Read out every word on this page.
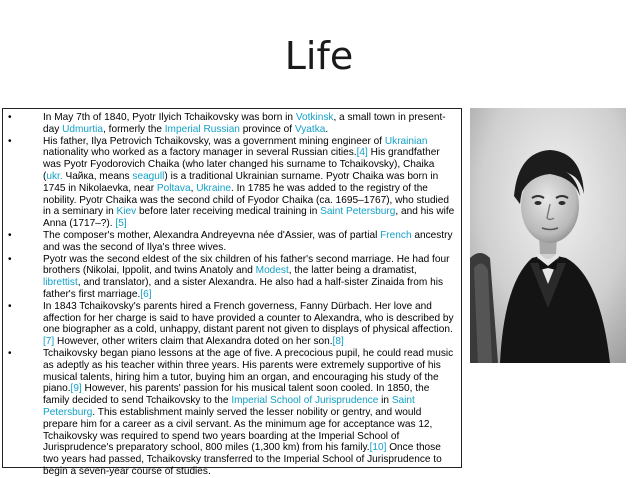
Life
• In May 7th of 1840, Pyotr Ilyich Tchaikovsky was born in Votkinsk, a small town in present-day Udmurtia, formerly the Imperial Russian province of Vyatka.
• His father, Ilya Petrovich Tchaikovsky, was a government mining engineer of Ukrainian nationality who worked as a factory manager in several Russian cities.[4] His grandfather was Pyotr Fyodorovich Chaika (who later changed his surname to Tchaikovsky), Chaika (ukr. Чайка, means seagull) is a traditional Ukrainian surname. Pyotr Chaika was born in 1745 in Nikolaevka, near Poltava, Ukraine. In 1785 he was added to the registry of the nobility. Pyotr Chaika was the second child of Fyodor Chaika (ca. 1695–1767), who studied in a seminary in Kiev before later receiving medical training in Saint Petersburg, and his wife Anna (1717–?). [5]
• The composer's mother, Alexandra Andreyevna née d'Assier, was of partial French ancestry and was the second of Ilya's three wives.
• Pyotr was the second eldest of the six children of his father's second marriage. He had four brothers (Nikolai, Ippolit, and twins Anatoly and Modest, the latter being a dramatist, librettist, and translator), and a sister Alexandra. He also had a half-sister Zinaida from his father's first marriage.[6]
• In 1843 Tchaikovsky's parents hired a French governess, Fanny Dürbach. Her love and affection for her charge is said to have provided a counter to Alexandra, who is described by one biographer as a cold, unhappy, distant parent not given to displays of physical affection.[7] However, other writers claim that Alexandra doted on her son.[8]
• Tchaikovsky began piano lessons at the age of five. A precocious pupil, he could read music as adeptly as his teacher within three years. His parents were extremely supportive of his musical talents, hiring him a tutor, buying him an organ, and encouraging his study of the piano.[9] However, his parents' passion for his musical talent soon cooled. In 1850, the family decided to send Tchaikovsky to the Imperial School of Jurisprudence in Saint Petersburg. This establishment mainly served the lesser nobility or gentry, and would prepare him for a career as a civil servant. As the minimum age for acceptance was 12, Tchaikovsky was required to spend two years boarding at the Imperial School of Jurisprudence's preparatory school, 800 miles (1,300 km) from his family.[10] Once those two years had passed, Tchaikovsky transferred to the Imperial School of Jurisprudence to begin a seven-year course of studies.
